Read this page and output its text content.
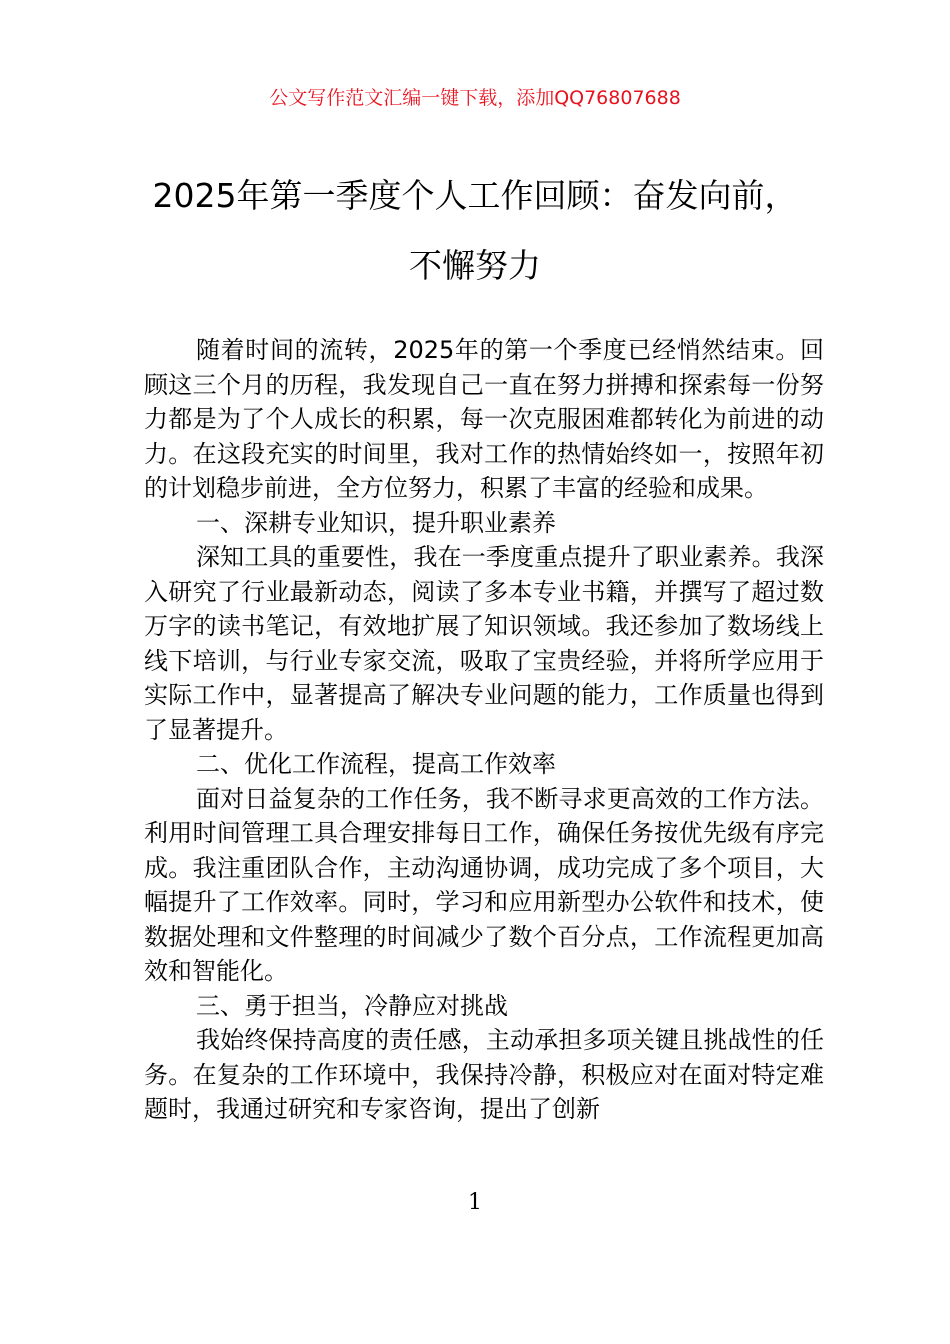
公文写作范文汇编一键下载，添加QQ76807688
2025年第一季度个人工作回顾：奋发向前，
不懈努力

随着时间的流转，2025年的第一个季度已经悄然结束。回顾这三个月的历程，我发现自己一直在努力拼搏和探索每一份努力都是为了个人成长的积累，每一次克服困难都转化为前进的动力。在这段充实的时间里，我对工作的热情始终如一，按照年初的计划稳步前进，全方位努力，积累了丰富的经验和成果。

一、深耕专业知识，提升职业素养

深知工具的重要性，我在一季度重点提升了职业素养。我深入研究了行业最新动态，阅读了多本专业书籍，并撰写了超过数万字的读书笔记，有效地扩展了知识领域。我还参加了数场线上线下培训，与行业专家交流，吸取了宝贵经验，并将所学应用于实际工作中，显著提高了解决专业问题的能力，工作质量也得到了显著提升。

二、优化工作流程，提高工作效率

面对日益复杂的工作任务，我不断寻求更高效的工作方法。利用时间管理工具合理安排每日工作，确保任务按优先级有序完成。我注重团队合作，主动沟通协调，成功完成了多个项目，大幅提升了工作效率。同时，学习和应用新型办公软件和技术，使数据处理和文件整理的时间减少了数个百分点，工作流程更加高效和智能化。

三、勇于担当，冷静应对挑战

我始终保持高度的责任感，主动承担多项关键且挑战性的任务。在复杂的工作环境中，我保持冷静，积极应对在面对特定难题时，我通过研究和专家咨询，提出了创新

1
